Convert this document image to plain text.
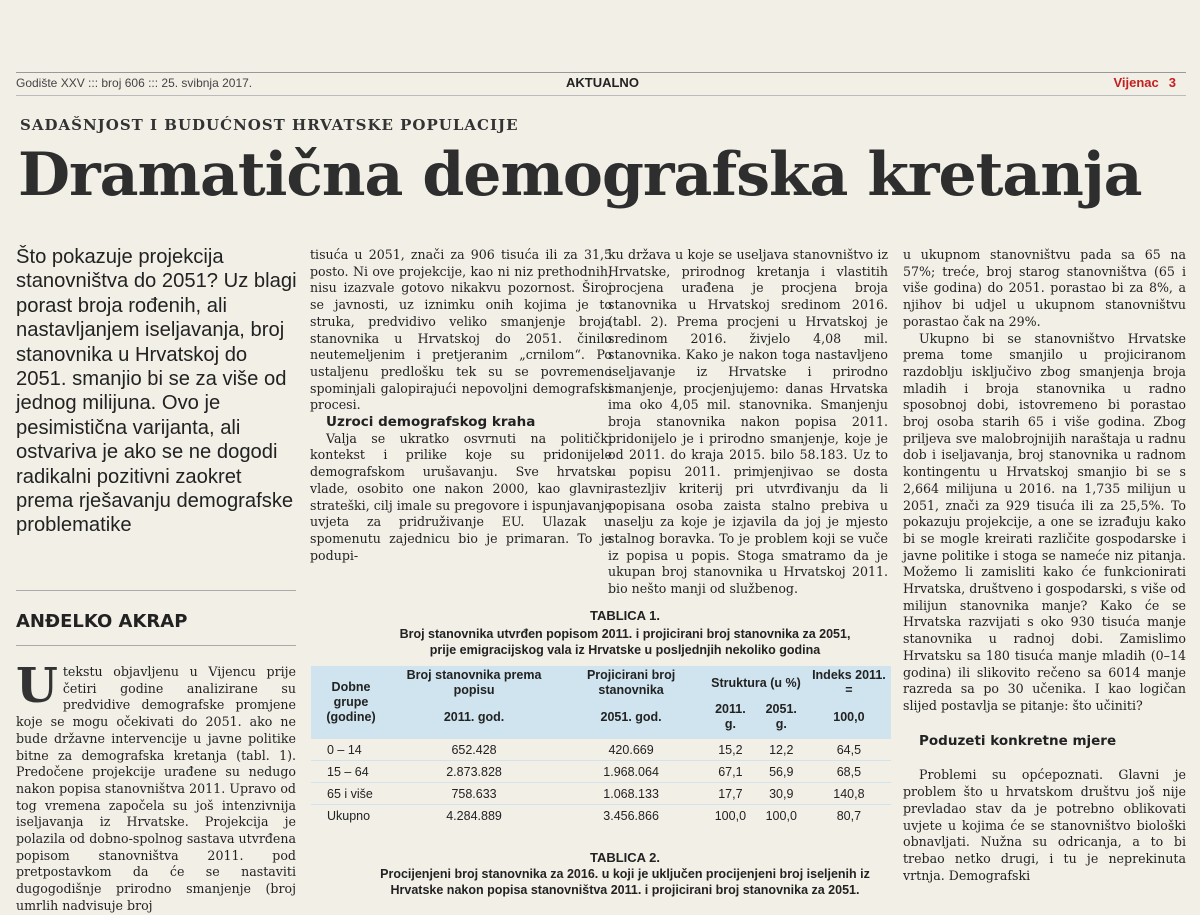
Godište XXV ::: broj 606 ::: 25. svibnja 2017.	AKTUALNO	Vijenac 3
SADAŠNJOST I BUDUĆNOST HRVATSKE POPULACIJE
Dramatična demografska kretanja
Što pokazuje projekcija stanovništva do 2051? Uz blagi porast broja rođenih, ali nastavljanjem iseljavanja, broj stanovnika u Hrvatskoj do 2051. smanjio bi se za više od jednog milijuna. Ovo je pesimistična varijanta, ali ostvariva je ako se ne dogodi radikalni pozitivni zaokret prema rješavanju demografske problematike
ANĐELKO AKRAP

Utekstu objavljenu u Vijencu prije četiri godine analizirane su predvidive demografske promjene koje se mogu očekivati do 2051. ako ne bude državne intervencije u javne politike bitne za demografska kretanja (tabl. 1). Predočene projekcije urađene su nedugo nakon popisa stanovništva 2011. Upravo od tog vremena započela su još intenzivnija iseljavanja iz Hrvatske. Projekcija je polazila od dobno-spolnog sastava utvrđena popisom stanovništva 2011. pod pretpostavkom da će se nastaviti dugogodišnje prirodno smanjenje (broj umrlih nadvisuje broj

tisuća u 2051, znači za 906 tisuća ili za 31,5 posto. Ni ove projekcije, kao ni niz prethodnih, nisu izazvale gotovo nikakvu pozornost. Široj se javnosti, uz iznimku onih kojima je to struka, predvidivo veliko smanjenje broja stanovnika u Hrvatskoj do 2051. činilo neutemeljenim i pretjeranim „crnilom“. Po ustaljenu predlošku tek su se povremeno spominjali galopirajući nepovoljni demografski procesi.

Uzroci demografskog kraha

Valja se ukratko osvrnuti na politički kontekst i prilike koje su pridonijele demografskom urušavanju. Sve hrvatske vlade, osobito one nakon 2000, kao glavni, strateški, cilj imale su pregovore i ispunjavanje uvjeta za pridruživanje EU. Ulazak u spomenutu zajednicu bio je primaran. To je podupi-

ku država u koje se useljava stanovništvo iz Hrvatske, prirodnog kretanja i vlastitih procjena urađena je procjena broja stanovnika u Hrvatskoj sredinom 2016. (tabl. 2). Prema procjeni u Hrvatskoj je sredinom 2016. živjelo 4,08 mil. stanovnika. Kako je nakon toga nastavljeno iseljavanje iz Hrvatske i prirodno smanjenje, procjenjujemo: danas Hrvatska ima oko 4,05 mil. stanovnika. Smanjenju broja stanovnika nakon popisa 2011. pridonijelo je i prirodno smanjenje, koje je od 2011. do kraja 2015. bilo 58.183. Uz to u popisu 2011. primjenjivao se dosta rastezljiv kriterij pri utvrđivanju da li popisana osoba zaista stalno prebiva u naselju za koje je izjavila da joj je mjesto stalnog boravka. To je problem koji se vuče iz popisa u popis. Stoga smatramo da je ukupan broj stanovnika u Hrvatskoj 2011. bio nešto manji od službenog.

u ukupnom stanovništvu pada sa 65 na 57%; treće, broj starog stanovništva (65 i više godina) do 2051. porastao bi za 8%, a njihov bi udjel u ukupnom stanovništvu porastao čak na 29%.

Ukupno bi se stanovništvo Hrvatske prema tome smanjilo u projiciranom razdoblju isključivo zbog smanjenja broja mladih i broja stanovnika u radno sposobnoj dobi, istovremeno bi porastao broj osoba starih 65 i više godina. Zbog priljeva sve malobrojnijih naraštaja u radnu dob i iseljavanja, broj stanovnika u radnom kontingentu u Hrvatskoj smanjio bi se s 2,664 milijuna u 2016. na 1,735 milijun u 2051, znači za 929 tisuća ili za 25,5%. To pokazuju projekcije, a one se izrađuju kako bi se mogle kreirati različite gospodarske i javne politike i stoga se nameće niz pitanja. Možemo li zamisliti kako će funkcionirati Hrvatska, društveno i gospodarski, s više od milijun stanovnika manje? Kako će se Hrvatska razvijati s oko 930 tisuća manje stanovnika u radnoj dobi. Zamislimo Hrvatsku sa 180 tisuća manje mladih (0–14 godina) ili slikovito rečeno sa 6014 manje razreda sa po 30 učenika. I kao logičan slijed postavlja se pitanje: što učiniti?

Poduzeti konkretne mjere

Problemi su općepoznati. Glavni je problem što u hrvatskom društvu još nije prevladao stav da je potrebno oblikovati uvjete u kojima će se stanovništvo biološki obnavljati. Nužna su odricanja, a to bi trebao netko drugi, i tu je neprekinuta vrtnja. Demografski

TABLICA 1.
Broj stanovnika utvrđen popisom 2011. i projicirani broj stanovnika za 2051,
prije emigracijskog vala iz Hrvatske u posljednjih nekoliko godina
Dobne grupe (godine)	Broj stanovnika prema popisu	Projicirani broj stanovnika	Struktura (u %)		Indeks 2011. =
	2011. god.	2051. god.	2011. g.	2051. g.	100,0
0 – 14	652.428	420.669	15,2	12,2	64,5
15 – 64	2.873.828	1.968.064	67,1	56,9	68,5
65 i više	758.633	1.068.133	17,7	30,9	140,8
Ukupno	4.284.889	3.456.866	100,0	100,0	80,7
TABLICA 2.
Procijenjeni broj stanovnika za 2016. u koji je uključen procijenjeni broj iseljenih iz
Hrvatske nakon popisa stanovništva 2011. i projicirani broj stanovnika za 2051.
